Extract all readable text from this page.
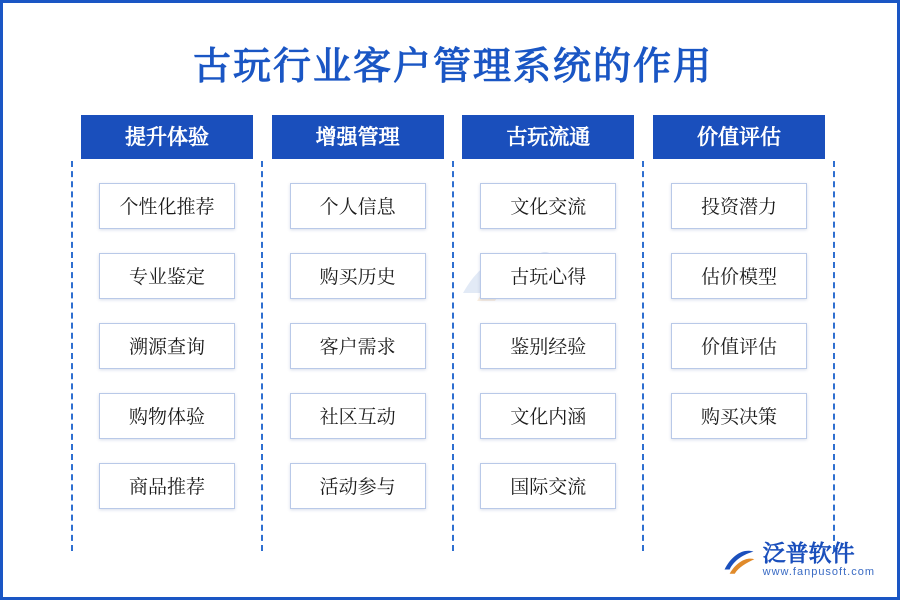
古玩行业客户管理系统的作用
提升体验
个性化推荐
专业鉴定
溯源查询
购物体验
商品推荐
增强管理
个人信息
购买历史
客户需求
社区互动
活动参与
古玩流通
文化交流
古玩心得
鉴别经验
文化内涵
国际交流
价值评估
投资潜力
估价模型
价值评估
购买决策
泛普软件
www.fanpusoft.com
